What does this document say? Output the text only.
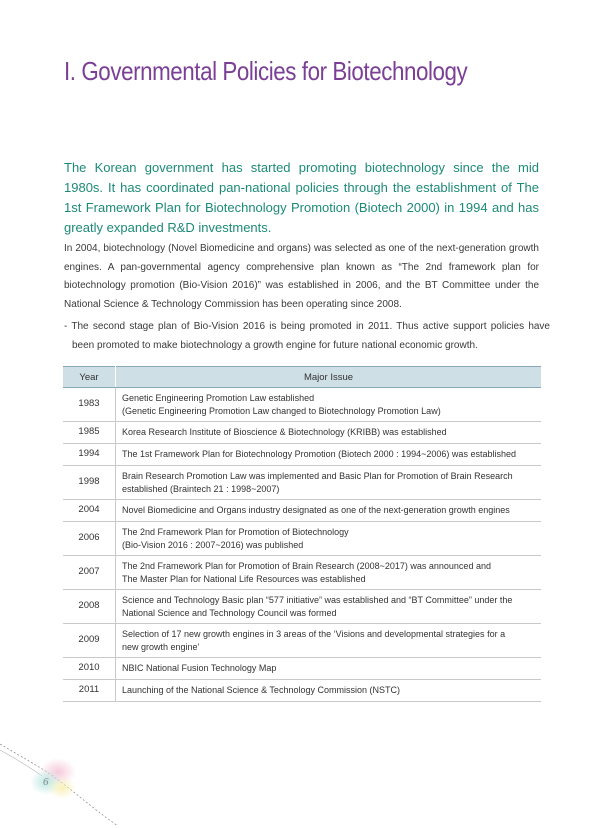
I. Governmental Policies for Biotechnology

The Korean government has started promoting biotechnology since the mid 1980s. It has coordinated pan-national policies through the establishment of The 1st Framework Plan for Biotechnology Promotion (Biotech 2000) in 1994 and has greatly expanded R&D investments.

In 2004, biotechnology (Novel Biomedicine and organs) was selected as one of the next-generation growth engines. A pan-governmental agency comprehensive plan known as “The 2nd framework plan for biotechnology promotion (Bio-Vision 2016)” was established in 2006, and the BT Committee under the National Science & Technology Commission has been operating since 2008.

- The second stage plan of Bio-Vision 2016 is being promoted in 2011. Thus active support policies have been promoted to make biotechnology a growth engine for future national economic growth.

Year	Major Issue
1983	Genetic Engineering Promotion Law established
(Genetic Engineering Promotion Law changed to Biotechnology Promotion Law)

1985	Korea Research Institute of Bioscience & Biotechnology (KRIBB) was established

1994	The 1st Framework Plan for Biotechnology Promotion (Biotech 2000 : 1994~2006) was established

1998	Brain Research Promotion Law was implemented and Basic Plan for Promotion of Brain Research
established (Braintech 21 : 1998~2007)

2004	Novel Biomedicine and Organs industry designated as one of the next-generation growth engines

2006	The 2nd Framework Plan for Promotion of Biotechnology
(Bio-Vision 2016 : 2007~2016) was published

2007	The 2nd Framework Plan for Promotion of Brain Research (2008~2017) was announced and
The Master Plan for National Life Resources was established

2008	Science and Technology Basic plan “577 initiative” was established and “BT Committee” under the
National Science and Technology Council was formed

2009	Selection of 17 new growth engines in 3 areas of the ‘Visions and developmental strategies for a
new growth engine’

2010	NBIC National Fusion Technology Map

2011	Launching of the National Science & Technology Commission (NSTC)
6
